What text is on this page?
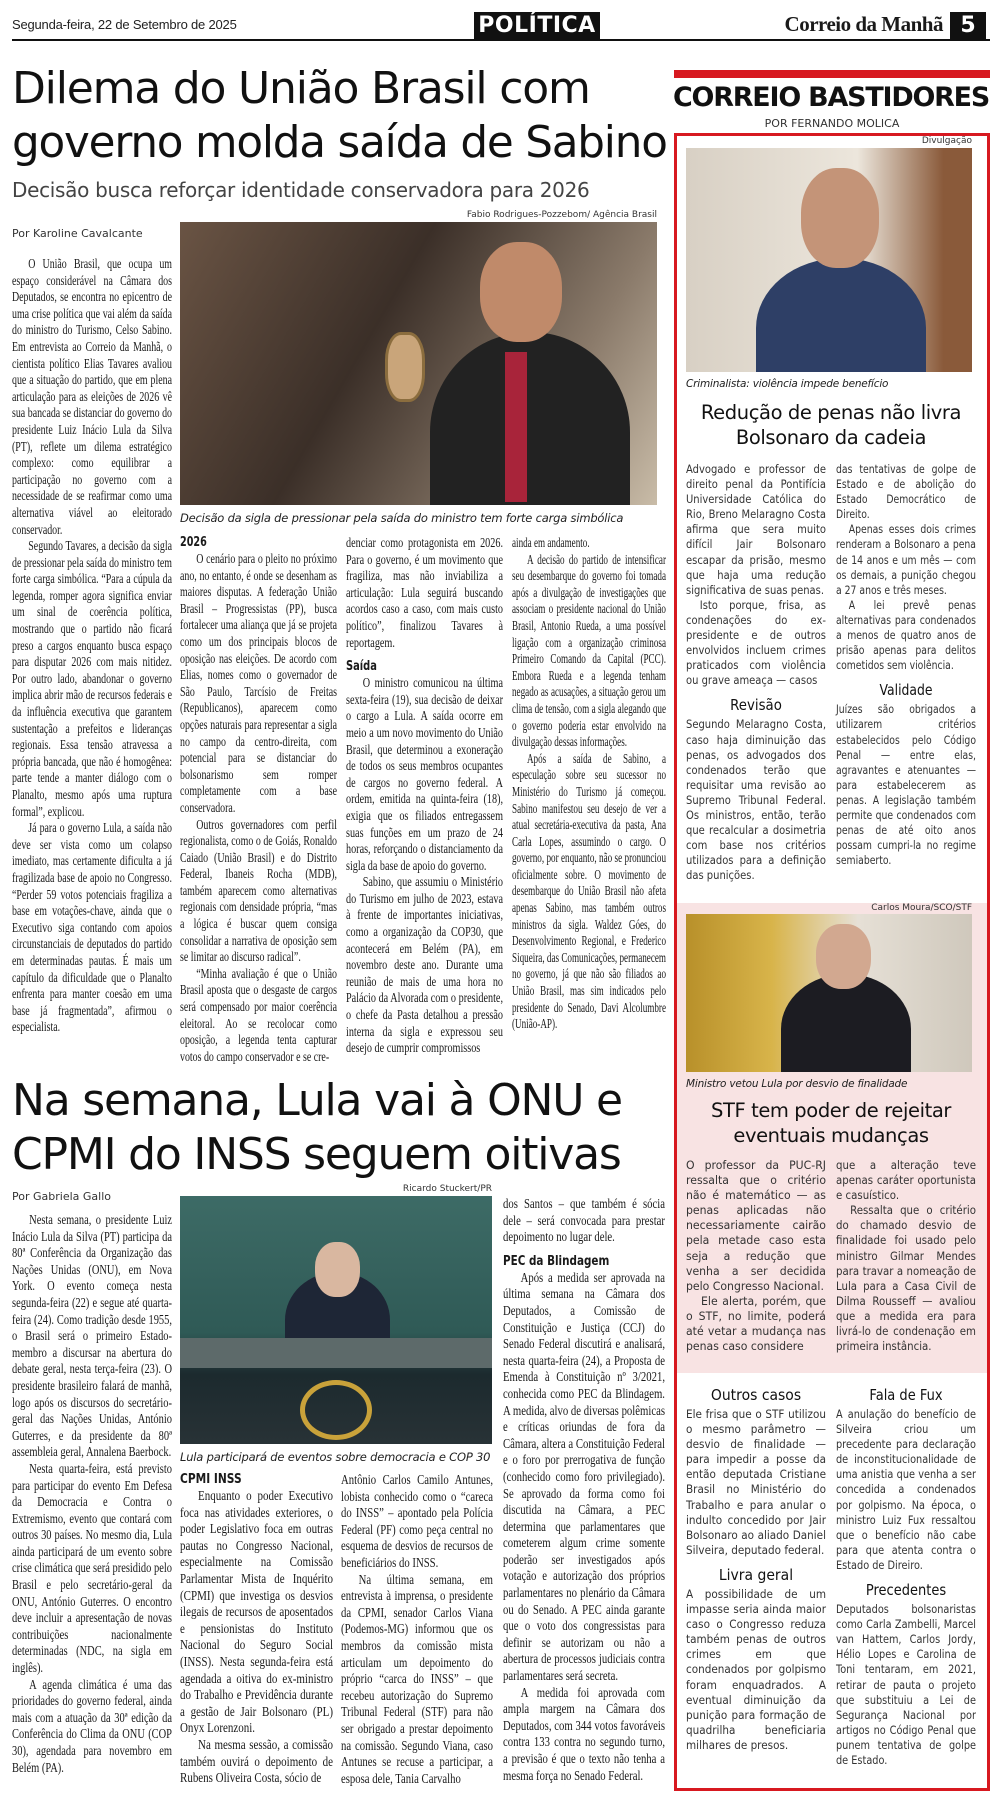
Segunda-feira, 22 de Setembro de 2025	POLÍTICA	Correio da Manhã 5
Dilema do União Brasil com
governo molda saída de Sabino
Decisão busca reforçar identidade conservadora para 2026
Por Karoline Cavalcante
Fabio Rodrigues-Pozzebom/ Agência Brasil
Decisão da sigla de pressionar pela saída do ministro tem forte carga simbólica

O União Brasil, que ocupa um espaço considerável na Câmara dos Deputados, se encontra no epicentro de uma crise política que vai além da saída do ministro do Turismo, Celso Sabino. Em entrevista ao Correio da Manhã, o cientista político Elias Tavares avaliou que a situação do partido, que em plena articulação para as eleições de 2026 vê sua bancada se distanciar do governo do presidente Luiz Inácio Lula da Silva (PT), reflete um dilema estratégico complexo: como equilibrar a participação no governo com a necessidade de se reafirmar como uma alternativa viável ao eleitorado conservador.

Segundo Tavares, a decisão da sigla de pressionar pela saída do ministro tem forte carga simbólica. “Para a cúpula da legenda, romper agora significa enviar um sinal de coerência política, mostrando que o partido não ficará preso a cargos enquanto busca espaço para disputar 2026 com mais nitidez. Por outro lado, abandonar o governo implica abrir mão de recursos federais e da influência executiva que garantem sustentação a prefeitos e lideranças regionais. Essa tensão atravessa a própria bancada, que não é homogênea: parte tende a manter diálogo com o Planalto, mesmo após uma ruptura formal”, explicou.

Já para o governo Lula, a saída não deve ser vista como um colapso imediato, mas certamente dificulta a já fragilizada base de apoio no Congresso. “Perder 59 votos potenciais fragiliza a base em votações-chave, ainda que o Executivo siga contando com apoios circunstanciais de deputados do partido em determinadas pautas. É mais um capítulo da dificuldade que o Planalto enfrenta para manter coesão em uma base já fragmentada”, afirmou o especialista.

2026

O cenário para o pleito no próximo ano, no entanto, é onde se desenham as maiores disputas. A federação União Brasil – Progressistas (PP), busca fortalecer uma aliança que já se projeta como um dos principais blocos de oposição nas eleições. De acordo com Elias, nomes como o governador de São Paulo, Tarcísio de Freitas (Republicanos), aparecem como opções naturais para representar a sigla no campo da centro-direita, com potencial para se distanciar do bolsonarismo sem romper completamente com a base conservadora.

Outros governadores com perfil regionalista, como o de Goiás, Ronaldo Caiado (União Brasil) e do Distrito Federal, Ibaneis Rocha (MDB), também aparecem como alternativas regionais com densidade própria, “mas a lógica é buscar quem consiga consolidar a narrativa de oposição sem se limitar ao discurso radical”.

“Minha avaliação é que o União Brasil aposta que o desgaste de cargos será compensado por maior coerência eleitoral. Ao se recolocar como oposição, a legenda tenta capturar votos do campo conservador e se cre-

denciar como protagonista em 2026. Para o governo, é um movimento que fragiliza, mas não inviabiliza a articulação: Lula seguirá buscando acordos caso a caso, com mais custo político”, finalizou Tavares à reportagem.

Saída

O ministro comunicou na última sexta-feira (19), sua decisão de deixar o cargo a Lula. A saída ocorre em meio a um novo movimento do União Brasil, que determinou a exoneração de todos os seus membros ocupantes de cargos no governo federal. A ordem, emitida na quinta-feira (18), exigia que os filiados entregassem suas funções em um prazo de 24 horas, reforçando o distanciamento da sigla da base de apoio do governo.

Sabino, que assumiu o Ministério do Turismo em julho de 2023, estava à frente de importantes iniciativas, como a organização da COP30, que acontecerá em Belém (PA), em novembro deste ano. Durante uma reunião de mais de uma hora no Palácio da Alvorada com o presidente, o chefe da Pasta detalhou a pressão interna da sigla e expressou seu desejo de cumprir compromissos

ainda em andamento.

A decisão do partido de intensificar seu desembarque do governo foi tomada após a divulgação de investigações que associam o presidente nacional do União Brasil, Antonio Rueda, a uma possível ligação com a organização criminosa Primeiro Comando da Capital (PCC). Embora Rueda e a legenda tenham negado as acusações, a situação gerou um clima de tensão, com a sigla alegando que o governo poderia estar envolvido na divulgação dessas informações.

Após a saída de Sabino, a especulação sobre seu sucessor no Ministério do Turismo já começou. Sabino manifestou seu desejo de ver a atual secretária-executiva da pasta, Ana Carla Lopes, assumindo o cargo. O governo, por enquanto, não se pronunciou oficialmente sobre. O movimento de desembarque do União Brasil não afeta apenas Sabino, mas também outros ministros da sigla. Waldez Góes, do Desenvolvimento Regional, e Frederico Siqueira, das Comunicações, permanecem no governo, já que não são filiados ao União Brasil, mas sim indicados pelo presidente do Senado, Davi Alcolumbre (União-AP).

Na semana, Lula vai à ONU e
CPMI do INSS seguem oitivas
Por Gabriela Gallo
Ricardo Stuckert/PR
Lula participará de eventos sobre democracia e COP 30

Nesta semana, o presidente Luiz Inácio Lula da Silva (PT) participa da 80ª Conferência da Organização das Nações Unidas (ONU), em Nova York. O evento começa nesta segunda-feira (22) e segue até quarta-feira (24). Como tradição desde 1955, o Brasil será o primeiro Estado-membro a discursar na abertura do debate geral, nesta terça-feira (23). O presidente brasileiro falará de manhã, logo após os discursos do secretário-geral das Nações Unidas, António Guterres, e da presidente da 80ª assembleia geral, Annalena Baerbock.

Nesta quarta-feira, está previsto para participar do evento Em Defesa da Democracia e Contra o Extremismo, evento que contará com outros 30 países. No mesmo dia, Lula ainda participará de um evento sobre crise climática que será presidido pelo Brasil e pelo secretário-geral da ONU, António Guterres. O encontro deve incluir a apresentação de novas contribuições nacionalmente determinadas (NDC, na sigla em inglês).

A agenda climática é uma das prioridades do governo federal, ainda mais com a atuação da 30ª edição da Conferência do Clima da ONU (COP 30), agendada para novembro em Belém (PA).

CPMI INSS

Enquanto o poder Executivo foca nas atividades exteriores, o poder Legislativo foca em outras pautas no Congresso Nacional, especialmente na Comissão Parlamentar Mista de Inquérito (CPMI) que investiga os desvios ilegais de recursos de aposentados e pensionistas do Instituto Nacional do Seguro Social (INSS). Nesta segunda-feira está agendada a oitiva do ex-ministro do Trabalho e Previdência durante a gestão de Jair Bolsonaro (PL) Onyx Lorenzoni.

Na mesma sessão, a comissão também ouvirá o depoimento de Rubens Oliveira Costa, sócio de

Antônio Carlos Camilo Antunes, lobista conhecido como o “careca do INSS” – apontado pela Polícia Federal (PF) como peça central no esquema de desvios de recursos de beneficiários do INSS.

Na última semana, em entrevista à imprensa, o presidente da CPMI, senador Carlos Viana (Podemos-MG) informou que os membros da comissão mista articulam um depoimento do próprio “carca do INSS” – que recebeu autorização do Supremo Tribunal Federal (STF) para não ser obrigado a prestar depoimento na comissão. Segundo Viana, caso Antunes se recuse a participar, a esposa dele, Tania Carvalho

dos Santos – que também é sócia dele – será convocada para prestar depoimento no lugar dele.

PEC da Blindagem

Após a medida ser aprovada na última semana na Câmara dos Deputados, a Comissão de Constituição e Justiça (CCJ) do Senado Federal discutirá e analisará, nesta quarta-feira (24), a Proposta de Emenda à Constituição nº 3/2021, conhecida como PEC da Blindagem. A medida, alvo de diversas polêmicas e críticas oriundas de fora da Câmara, altera a Constituição Federal e o foro por prerrogativa de função (conhecido como foro privilegiado). Se aprovado da forma como foi discutida na Câmara, a PEC determina que parlamentares que cometerem algum crime somente poderão ser investigados após votação e autorização dos próprios parlamentares no plenário da Câmara ou do Senado. A PEC ainda garante que o voto dos congressistas para definir se autorizam ou não a abertura de processos judiciais contra parlamentares será secreta.

A medida foi aprovada com ampla margem na Câmara dos Deputados, com 344 votos favoráveis contra 133 contra no segundo turno, a previsão é que o texto não tenha a mesma força no Senado Federal.

CORREIO BASTIDORES
POR FERNANDO MOLICA
Divulgação
Criminalista: violência impede benefício
Redução de penas não livra
Bolsonaro da cadeia

Advogado e professor de direito penal da Pontifícia Universidade Católica do Rio, Breno Melaragno Costa afirma que sera muito difícil Jair Bolsonaro escapar da prisão, mesmo que haja uma redução significativa de suas penas.

Isto porque, frisa, as condenações do ex-presidente e de outros envolvidos incluem crimes praticados com violência ou grave ameaça — casos

Revisão

Segundo Melaragno Costa, caso haja diminuição das penas, os advogados dos condenados terão que requisitar uma revisão ao Supremo Tribunal Federal. Os ministros, então, terão que recalcular a dosimetria com base nos critérios utilizados para a definição das punições.

das tentativas de golpe de Estado e de abolição do Estado Democrático de Direito.

Apenas esses dois crimes renderam a Bolsonaro a pena de 14 anos e um mês — com os demais, a punição chegou a 27 anos e três meses.

A lei prevê penas alternativas para condenados a menos de quatro anos de prisão apenas para delitos cometidos sem violência.

Validade

Juízes são obrigados a utilizarem critérios estabelecidos pelo Código Penal — entre elas, agravantes e atenuantes — para estabelecerem as penas. A legislação também permite que condenados com penas de até oito anos possam cumpri-la no regime semiaberto.

Carlos Moura/SCO/STF
Ministro vetou Lula por desvio de finalidade
STF tem poder de rejeitar
eventuais mudanças

O professor da PUC-RJ ressalta que o critério não é matemático — as penas aplicadas não necessariamente cairão pela metade caso esta seja a redução que venha a ser decidida pelo Congresso Nacional.

Ele alerta, porém, que o STF, no limite, poderá até vetar a mudança nas penas caso considere

que a alteração teve apenas caráter oportunista e casuístico.

Ressalta que o critério do chamado desvio de finalidade foi usado pelo ministro Gilmar Mendes para travar a nomeação de Lula para a Casa Civil de Dilma Rousseff — avaliou que a medida era para livrá-lo de condenação em primeira instância.

Outros casos

Ele frisa que o STF utilizou o mesmo parâmetro — desvio de finalidade — para impedir a posse da então deputada Cristiane Brasil no Ministério do Trabalho e para anular o indulto concedido por Jair Bolsonaro ao aliado Daniel Silveira, deputado federal.

Livra geral

A possibilidade de um impasse seria ainda maior caso o Congresso reduza também penas de outros crimes em que condenados por golpismo foram enquadrados. A eventual diminuição da punição para formação de quadrilha beneficiaria milhares de presos.

Fala de Fux

A anulação do benefício de Silveira criou um precedente para declaração de inconstitucionalidade de uma anistia que venha a ser concedida a condenados por golpismo. Na época, o ministro Luiz Fux ressaltou que o benefício não cabe para que atenta contra o Estado de Direiro.

Precedentes

Deputados bolsonaristas como Carla Zambelli, Marcel van Hattem, Carlos Jordy, Hélio Lopes e Carolina de Toni tentaram, em 2021, retirar de pauta o projeto que substituiu a Lei de Segurança Nacional por artigos no Código Penal que punem tentativa de golpe de Estado.
